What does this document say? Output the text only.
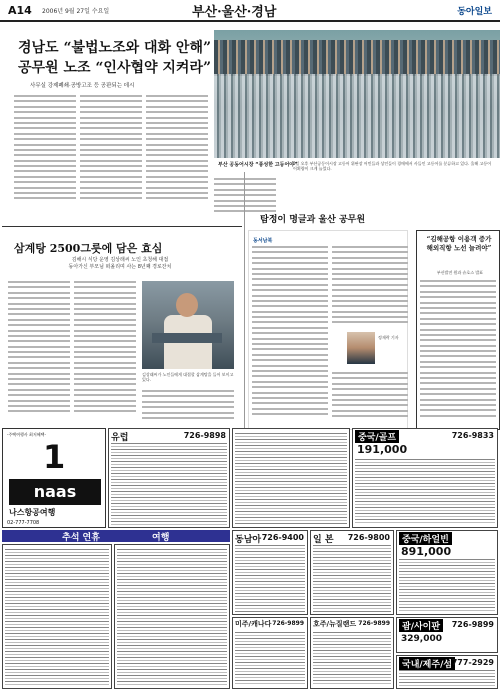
A14 2006년 9월 27일 수요일	부산·울산·경남	동아일보
경남도 “불법노조와 대화 안해”
공무원 노조 “인사협약 지켜라”
사무실 강제폐쇄·공방고조 등 공판되는 데시
부산 공동어시장 “풍성한 고등어야”
5일 오후 부산공동어시장 고등어 위판장 어민들과 상인들이 경매에서 사들인 고등어를 분류하고 있다. 올해 고등어 어획량이 크게 늘었다.
삼계탕 2500그릇에 담은 효심
김해시 식당 운영 김상래씨 노인 초청해 대접
동아가신 부모님 떠올리며 사는 8년째 경로잔치
김상래씨가 노인들에게 대접할 삼계탕을 들어 보이고 있다.
탐정이 명글과 울산 공무원
동서남북
정재락 기자
“김해공항 이용객 증가
해외직항 노선 늘려야”
부산발전 원과 슈호스 발표
-주택여행사 최저혜택-
1
naas
나스항공여행
02-777-7708
유럽	726-9898	중국/골프	726-9833
191,000
추석 연휴	여행	동남아 726-9400 일 본 726-9800	중국/하얼빈
891,000
미주/캐나다 726-9899 호주/뉴질랜드 726-9899	괌/사이판	726-9899
329,000
국내/제주/섬 777-2929
